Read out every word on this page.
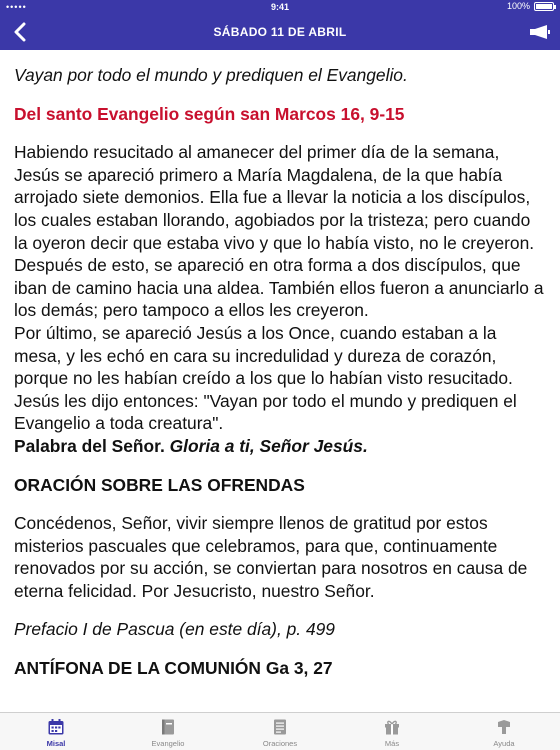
•••••	9:41	100%
SÁBADO 11 DE ABRIL
Vayan por todo el mundo y prediquen el Evangelio.
Del santo Evangelio según san Marcos 16, 9-15

Habiendo resucitado al amanecer del primer día de la semana, Jesús se apareció primero a María Magdalena, de la que había arrojado siete demonios. Ella fue a llevar la noticia a los discípulos, los cuales estaban llorando, agobiados por la tristeza; pero cuando la oyeron decir que estaba vivo y que lo había visto, no le creyeron.

Después de esto, se apareció en otra forma a dos discípulos, que iban de camino hacia una aldea. También ellos fueron a anunciarlo a los demás; pero tampoco a ellos les creyeron.

Por último, se apareció Jesús a los Once, cuando estaban a la mesa, y les echó en cara su incredulidad y dureza de corazón, porque no les habían creído a los que lo habían visto resucitado. Jesús les dijo entonces: "Vayan por todo el mundo y prediquen el Evangelio a toda creatura".

Palabra del Señor. Gloria a ti, Señor Jesús.

ORACIÓN SOBRE LAS OFRENDAS
Concédenos, Señor, vivir siempre llenos de gratitud por estos misterios pascuales que celebramos, para que, continuamente renovados por su acción, se conviertan para nosotros en causa de eterna felicidad. Por Jesucristo, nuestro Señor.
Prefacio I de Pascua (en este día), p. 499
ANTÍFONA DE LA COMUNIÓN Ga 3, 27
Misal	Evangelio	Oraciones	Más	Ayuda
